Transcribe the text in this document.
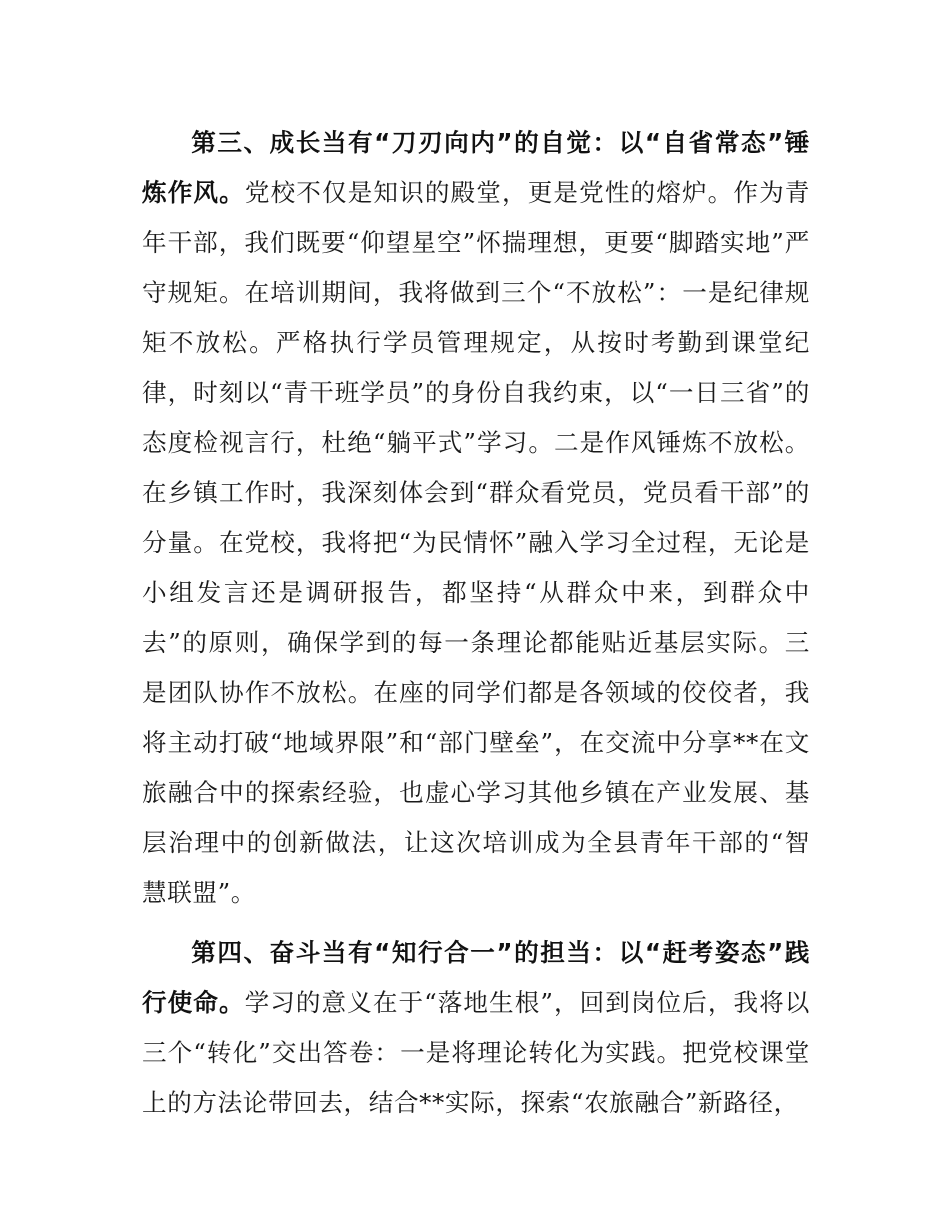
第三、成长当有“刀刃向内”的自觉：以“自省常态”锤炼作风。党校不仅是知识的殿堂，更是党性的熔炉。作为青年干部，我们既要“仰望星空”怀揣理想，更要“脚踏实地”严守规矩。在培训期间，我将做到三个“不放松”：一是纪律规矩不放松。严格执行学员管理规定，从按时考勤到课堂纪律，时刻以“青干班学员”的身份自我约束，以“一日三省”的态度检视言行，杜绝“躺平式”学习。二是作风锤炼不放松。在乡镇工作时，我深刻体会到“群众看党员，党员看干部”的分量。在党校，我将把“为民情怀”融入学习全过程，无论是小组发言还是调研报告，都坚持“从群众中来，到群众中去”的原则，确保学到的每一条理论都能贴近基层实际。三是团队协作不放松。在座的同学们都是各领域的佼佼者，我将主动打破“地域界限”和“部门壁垒”，在交流中分享**在文旅融合中的探索经验，也虚心学习其他乡镇在产业发展、基层治理中的创新做法，让这次培训成为全县青年干部的“智慧联盟”。

第四、奋斗当有“知行合一”的担当：以“赶考姿态”践行使命。学习的意义在于“落地生根”，回到岗位后，我将以三个“转化”交出答卷：一是将理论转化为实践。把党校课堂上的方法论带回去，结合**实际，探索“农旅融合”新路径，
